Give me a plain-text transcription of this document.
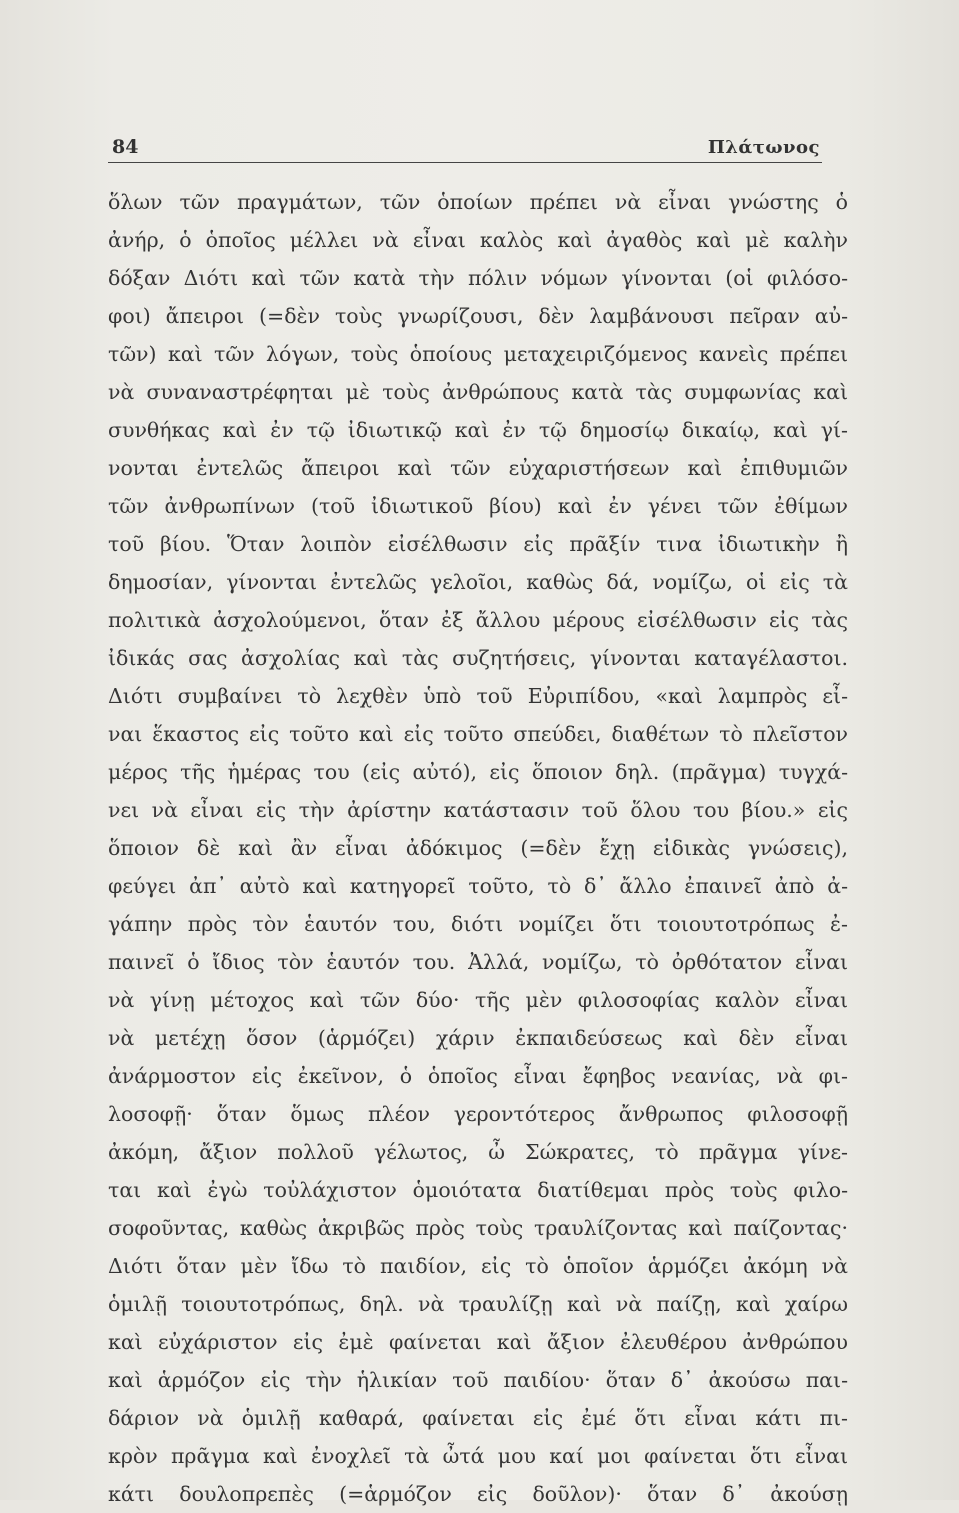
84	Πλάτωνος
ὅλων τῶν πραγμάτων, τῶν ὁποίων πρέπει νὰ εἶναι γνώστης ὁ
ἀνήρ, ὁ ὁποῖος μέλλει νὰ εἶναι καλὸς καὶ ἀγαθὸς καὶ μὲ καλὴν
δόξαν Διότι καὶ τῶν κατὰ τὴν πόλιν νόμων γίνονται (οἱ φιλόσο-
φοι) ἄπειροι (=δὲν τοὺς γνωρίζουσι, δὲν λαμβάνουσι πεῖραν αὐ-
τῶν) καὶ τῶν λόγων, τοὺς ὁποίους μεταχειριζόμενος κανεὶς πρέπει
νὰ συναναστρέφηται μὲ τοὺς ἀνθρώπους κατὰ τὰς συμφωνίας καὶ
συνθήκας καὶ ἐν τῷ ἰδιωτικῷ καὶ ἐν τῷ δημοσίῳ δικαίῳ, καὶ γί-
νονται ἐντελῶς ἄπειροι καὶ τῶν εὐχαριστήσεων καὶ ἐπιθυμιῶν
τῶν ἀνθρωπίνων (τοῦ ἰδιωτικοῦ βίου) καὶ ἐν γένει τῶν ἐθίμων
τοῦ βίου. Ὅταν λοιπὸν εἰσέλθωσιν εἰς πρᾶξίν τινα ἰδιωτικὴν ἢ
δημοσίαν, γίνονται ἐντελῶς γελοῖοι, καθὼς δά, νομίζω, οἱ εἰς τὰ
πολιτικὰ ἀσχολούμενοι, ὅταν ἐξ ἄλλου μέρους εἰσέλθωσιν εἰς τὰς
ἰδικάς σας ἀσχολίας καὶ τὰς συζητήσεις, γίνονται καταγέλαστοι.
Διότι συμβαίνει τὸ λεχθὲν ὑπὸ τοῦ Εὐριπίδου, «καὶ λαμπρὸς εἶ-
ναι ἕκαστος εἰς τοῦτο καὶ εἰς τοῦτο σπεύδει, διαθέτων τὸ πλεῖστον
μέρος τῆς ἡμέρας του (εἰς αὐτό), εἰς ὅποιον δηλ. (πρᾶγμα) τυγχά-
νει νὰ εἶναι εἰς τὴν ἀρίστην κατάστασιν τοῦ ὅλου του βίου.» εἰς
ὅποιον δὲ καὶ ἂν εἶναι ἀδόκιμος (=δὲν ἔχῃ εἰδικὰς γνώσεις),
φεύγει ἀπ᾽ αὐτὸ καὶ κατηγορεῖ τοῦτο, τὸ δ᾽ ἄλλο ἐπαινεῖ ἀπὸ ἀ-
γάπην πρὸς τὸν ἑαυτόν του, διότι νομίζει ὅτι τοιουτοτρόπως ἐ-
παινεῖ ὁ ἴδιος τὸν ἑαυτόν του. Ἀλλά, νομίζω, τὸ ὀρθότατον εἶναι
νὰ γίνῃ μέτοχος καὶ τῶν δύο· τῆς μὲν φιλοσοφίας καλὸν εἶναι
νὰ μετέχῃ ὅσον (ἁρμόζει) χάριν ἐκπαιδεύσεως καὶ δὲν εἶναι
ἀνάρμοστον εἰς ἐκεῖνον, ὁ ὁποῖος εἶναι ἔφηβος νεανίας, νὰ φι-
λοσοφῇ· ὅταν ὅμως πλέον γεροντότερος ἄνθρωπος φιλοσοφῇ
ἀκόμη, ἄξιον πολλοῦ γέλωτος, ὦ Σώκρατες, τὸ πρᾶγμα γίνε-
ται καὶ ἐγὼ τοὐλάχιστον ὁμοιότατα διατίθεμαι πρὸς τοὺς φιλο-
σοφοῦντας, καθὼς ἀκριβῶς πρὸς τοὺς τραυλίζοντας καὶ παίζοντας·
Διότι ὅταν μὲν ἴδω τὸ παιδίον, εἰς τὸ ὁποῖον ἁρμόζει ἀκόμη νὰ
ὁμιλῇ τοιουτοτρόπως, δηλ. νὰ τραυλίζῃ καὶ νὰ παίζῃ, καὶ χαίρω
καὶ εὐχάριστον εἰς ἐμὲ φαίνεται καὶ ἄξιον ἐλευθέρου ἀνθρώπου
καὶ ἁρμόζον εἰς τὴν ἡλικίαν τοῦ παιδίου· ὅταν δ᾽ ἀκούσω παι-
δάριον νὰ ὁμιλῇ καθαρά, φαίνεται εἰς ἐμέ ὅτι εἶναι κάτι πι-
κρὸν πρᾶγμα καὶ ἐνοχλεῖ τὰ ὦτά μου καί μοι φαίνεται ὅτι εἶναι
κάτι δουλοπρεπὲς (=ἁρμόζον εἰς δοῦλον)· ὅταν δ᾽ ἀκούσῃ
